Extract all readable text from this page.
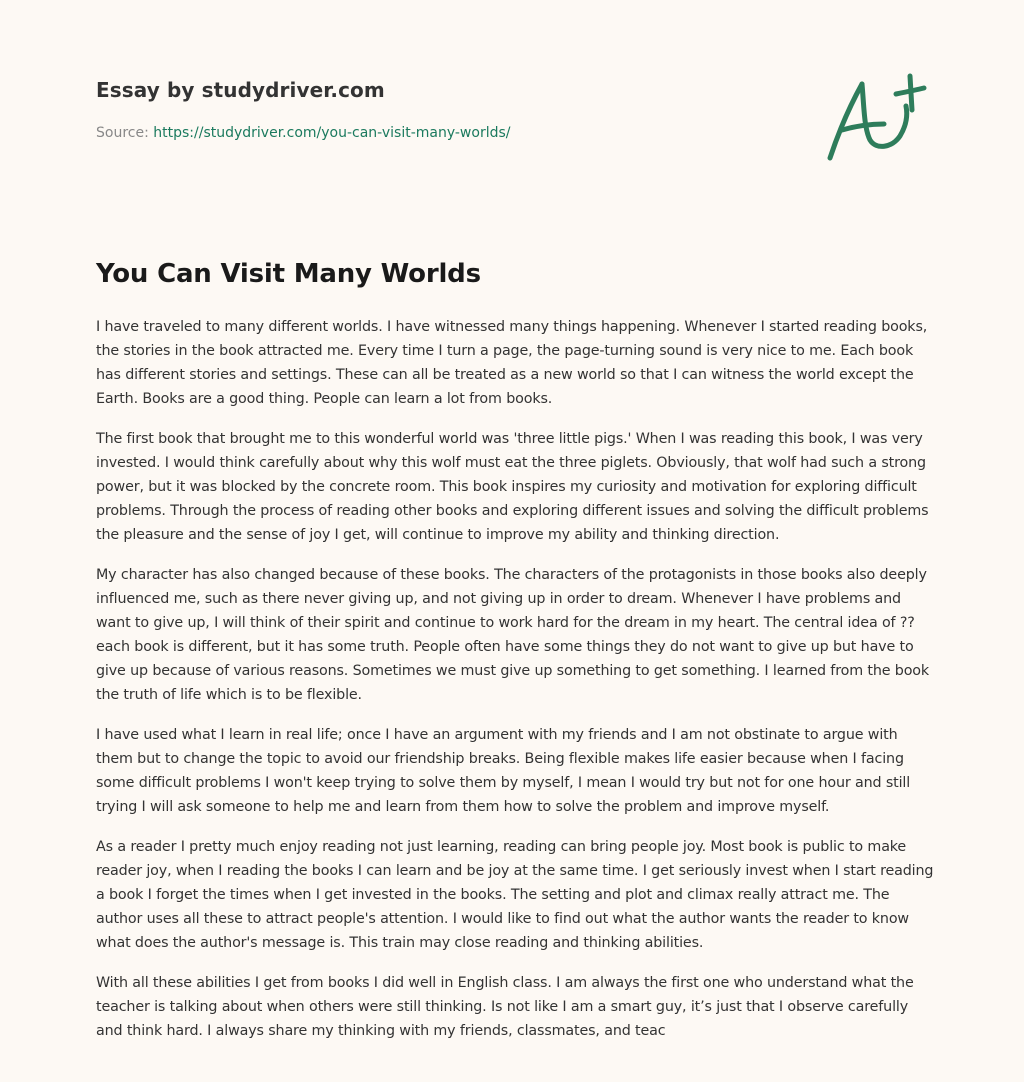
Essay by studydriver.com
Source: https://studydriver.com/you-can-visit-many-worlds/
You Can Visit Many Worlds

I have traveled to many different worlds. I have witnessed many things happening. Whenever I started reading books, the stories in the book attracted me. Every time I turn a page, the page-turning sound is very nice to me. Each book has different stories and settings. These can all be treated as a new world so that I can witness the world except the Earth. Books are a good thing. People can learn a lot from books.

The first book that brought me to this wonderful world was 'three little pigs.' When I was reading this book, I was very invested. I would think carefully about why this wolf must eat the three piglets. Obviously, that wolf had such a strong power, but it was blocked by the concrete room. This book inspires my curiosity and motivation for exploring difficult problems. Through the process of reading other books and exploring different issues and solving the difficult problems the pleasure and the sense of joy I get, will continue to improve my ability and thinking direction.

My character has also changed because of these books. The characters of the protagonists in those books also deeply influenced me, such as there never giving up, and not giving up in order to dream. Whenever I have problems and want to give up, I will think of their spirit and continue to work hard for the dream in my heart. The central idea of ??each book is different, but it has some truth. People often have some things they do not want to give up but have to give up because of various reasons. Sometimes we must give up something to get something. I learned from the book the truth of life which is to be flexible.

I have used what I learn in real life; once I have an argument with my friends and I am not obstinate to argue with them but to change the topic to avoid our friendship breaks. Being flexible makes life easier because when I facing some difficult problems I won't keep trying to solve them by myself, I mean I would try but not for one hour and still trying I will ask someone to help me and learn from them how to solve the problem and improve myself.

As a reader I pretty much enjoy reading not just learning, reading can bring people joy. Most book is public to make reader joy, when I reading the books I can learn and be joy at the same time. I get seriously invest when I start reading a book I forget the times when I get invested in the books. The setting and plot and climax really attract me. The author uses all these to attract people's attention. I would like to find out what the author wants the reader to know what does the author's message is. This train may close reading and thinking abilities.

With all these abilities I get from books I did well in English class. I am always the first one who understand what the teacher is talking about when others were still thinking. Is not like I am a smart guy, it’s just that I observe carefully and think hard. I always share my thinking with my friends, classmates, and teac
